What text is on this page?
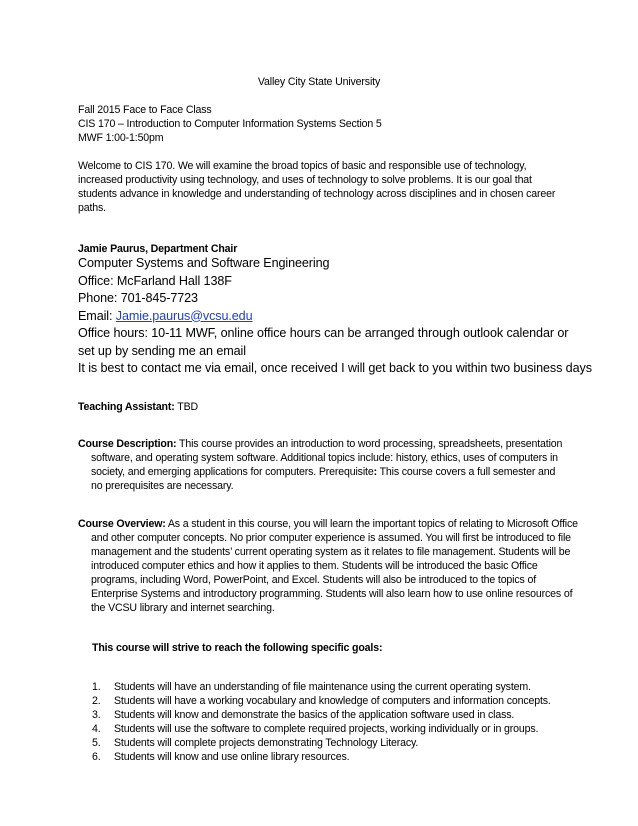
Valley City State University
Fall 2015 Face to Face Class
CIS 170 – Introduction to Computer Information Systems Section 5
MWF 1:00-1:50pm

Welcome to CIS 170. We will examine the broad topics of basic and responsible use of technology, increased productivity using technology, and uses of technology to solve problems. It is our goal that students advance in knowledge and understanding of technology across disciplines and in chosen career paths.

Jamie Paurus, Department Chair
Computer Systems and Software Engineering
Office: McFarland Hall 138F
Phone: 701-845-7723
Email: Jamie.paurus@vcsu.edu
Office hours: 10-11 MWF, online office hours can be arranged through outlook calendar or
set up by sending me an email
It is best to contact me via email, once received I will get back to you within two business days
Teaching Assistant: TBD

Course Description: This course provides an introduction to word processing, spreadsheets, presentation software, and operating system software. Additional topics include: history, ethics, uses of computers in society, and emerging applications for computers. Prerequisite: This course covers a full semester and no prerequisites are necessary.

Course Overview: As a student in this course, you will learn the important topics of relating to Microsoft Office and other computer concepts. No prior computer experience is assumed. You will first be introduced to file management and the students’ current operating system as it relates to file management. Students will be introduced computer ethics and how it applies to them. Students will be introduced the basic Office programs, including Word, PowerPoint, and Excel. Students will also be introduced to the topics of Enterprise Systems and introductory programming. Students will also learn how to use online resources of the VCSU library and internet searching.

This course will strive to reach the following specific goals:
1. Students will have an understanding of file maintenance using the current operating system.
2. Students will have a working vocabulary and knowledge of computers and information concepts.
3. Students will know and demonstrate the basics of the application software used in class.
4. Students will use the software to complete required projects, working individually or in groups.
5. Students will complete projects demonstrating Technology Literacy.
6. Students will know and use online library resources.
